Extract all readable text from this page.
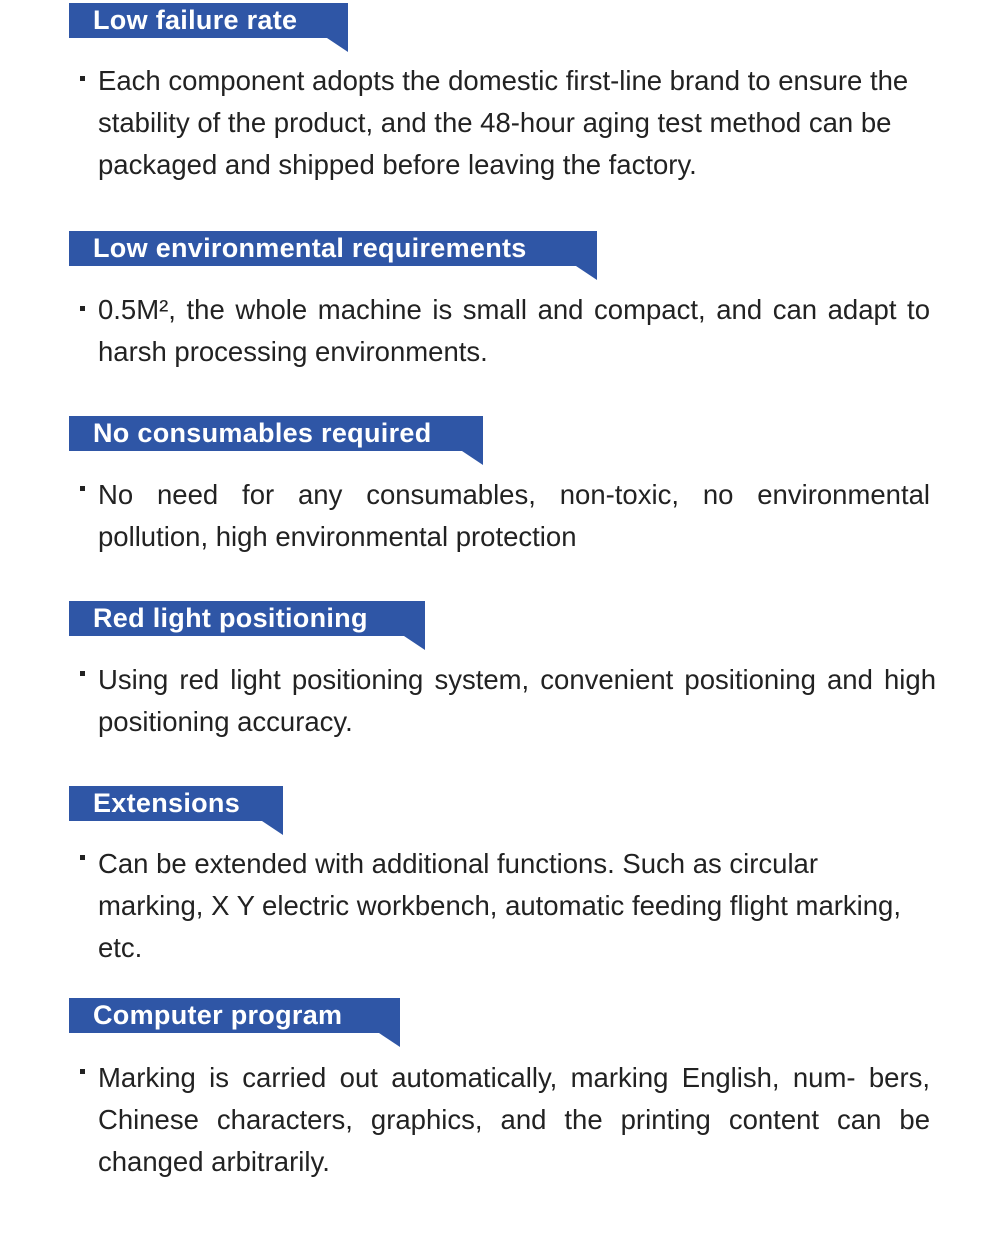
Low failure rate

Each component adopts the domestic first-line brand to ensure the stability of the product, and the 48-hour aging test method can be packaged and shipped before leaving the factory.

Low environmental requirements

0.5M², the whole machine is small and compact, and can adapt to harsh processing environments.

No consumables required

No need for any consumables, non-toxic, no environmental pollution, high environmental protection

Red light positioning

Using red light positioning system, convenient positioning and high positioning accuracy.

Extensions

Can be extended with additional functions. Such as circular marking, X Y electric workbench, automatic feeding flight marking, etc.

Computer program

Marking is carried out automatically, marking English, num- bers, Chinese characters, graphics, and the printing content can be changed arbitrarily.
